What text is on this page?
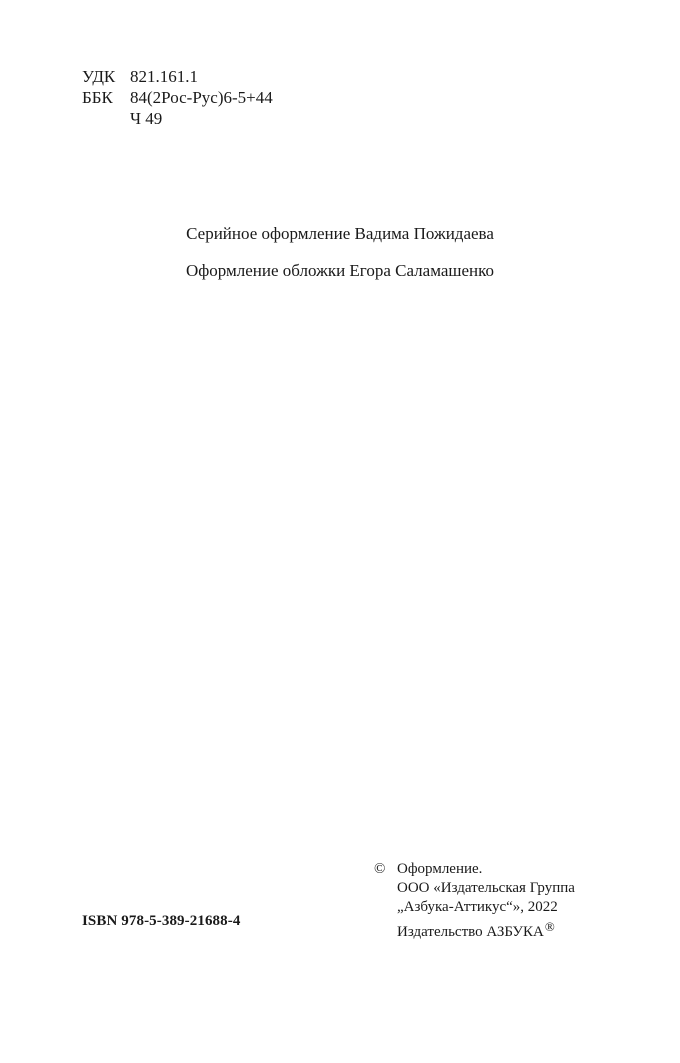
УДК 821.161.1
ББК	84(2Рос-Рус)6-5+44
Ч 49
Серийное оформление Вадима Пожидаева
Оформление обложки Егора Саламашенко
© Оформление.
ООО «Издательская Группа
„Азбука-Аттикус“», 2022
Издательство АЗБУКА®
ISBN 978-5-389-21688-4
